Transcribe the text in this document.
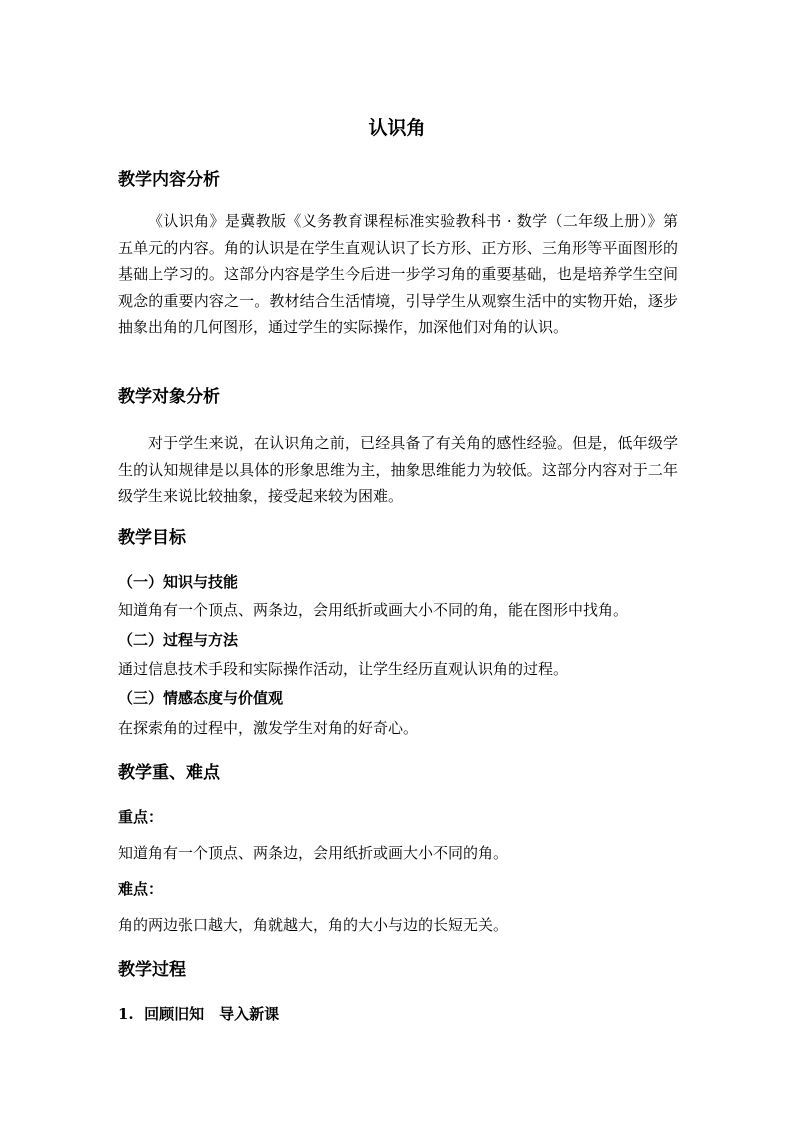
认识角
教学内容分析
《认识角》是冀教版《义务教育课程标准实验教科书 · 数学（二年级上册）》第五单元的内容。角的认识是在学生直观认识了长方形、正方形、三角形等平面图形的基础上学习的。这部分内容是学生今后进一步学习角的重要基础，也是培养学生空间观念的重要内容之一。教材结合生活情境，引导学生从观察生活中的实物开始，逐步抽象出角的几何图形，通过学生的实际操作，加深他们对角的认识。
教学对象分析
对于学生来说，在认识角之前，已经具备了有关角的感性经验。但是，低年级学生的认知规律是以具体的形象思维为主，抽象思维能力为较低。这部分内容对于二年级学生来说比较抽象，接受起来较为困难。
教学目标
（一）知识与技能
知道角有一个顶点、两条边，会用纸折或画大小不同的角，能在图形中找角。
（二）过程与方法
通过信息技术手段和实际操作活动，让学生经历直观认识角的过程。
（三）情感态度与价值观
在探索角的过程中，激发学生对角的好奇心。
教学重、难点
重点：
知道角有一个顶点、两条边，会用纸折或画大小不同的角。
难点：
角的两边张口越大，角就越大，角的大小与边的长短无关。
教学过程
1.  回顾旧知　导入新课
